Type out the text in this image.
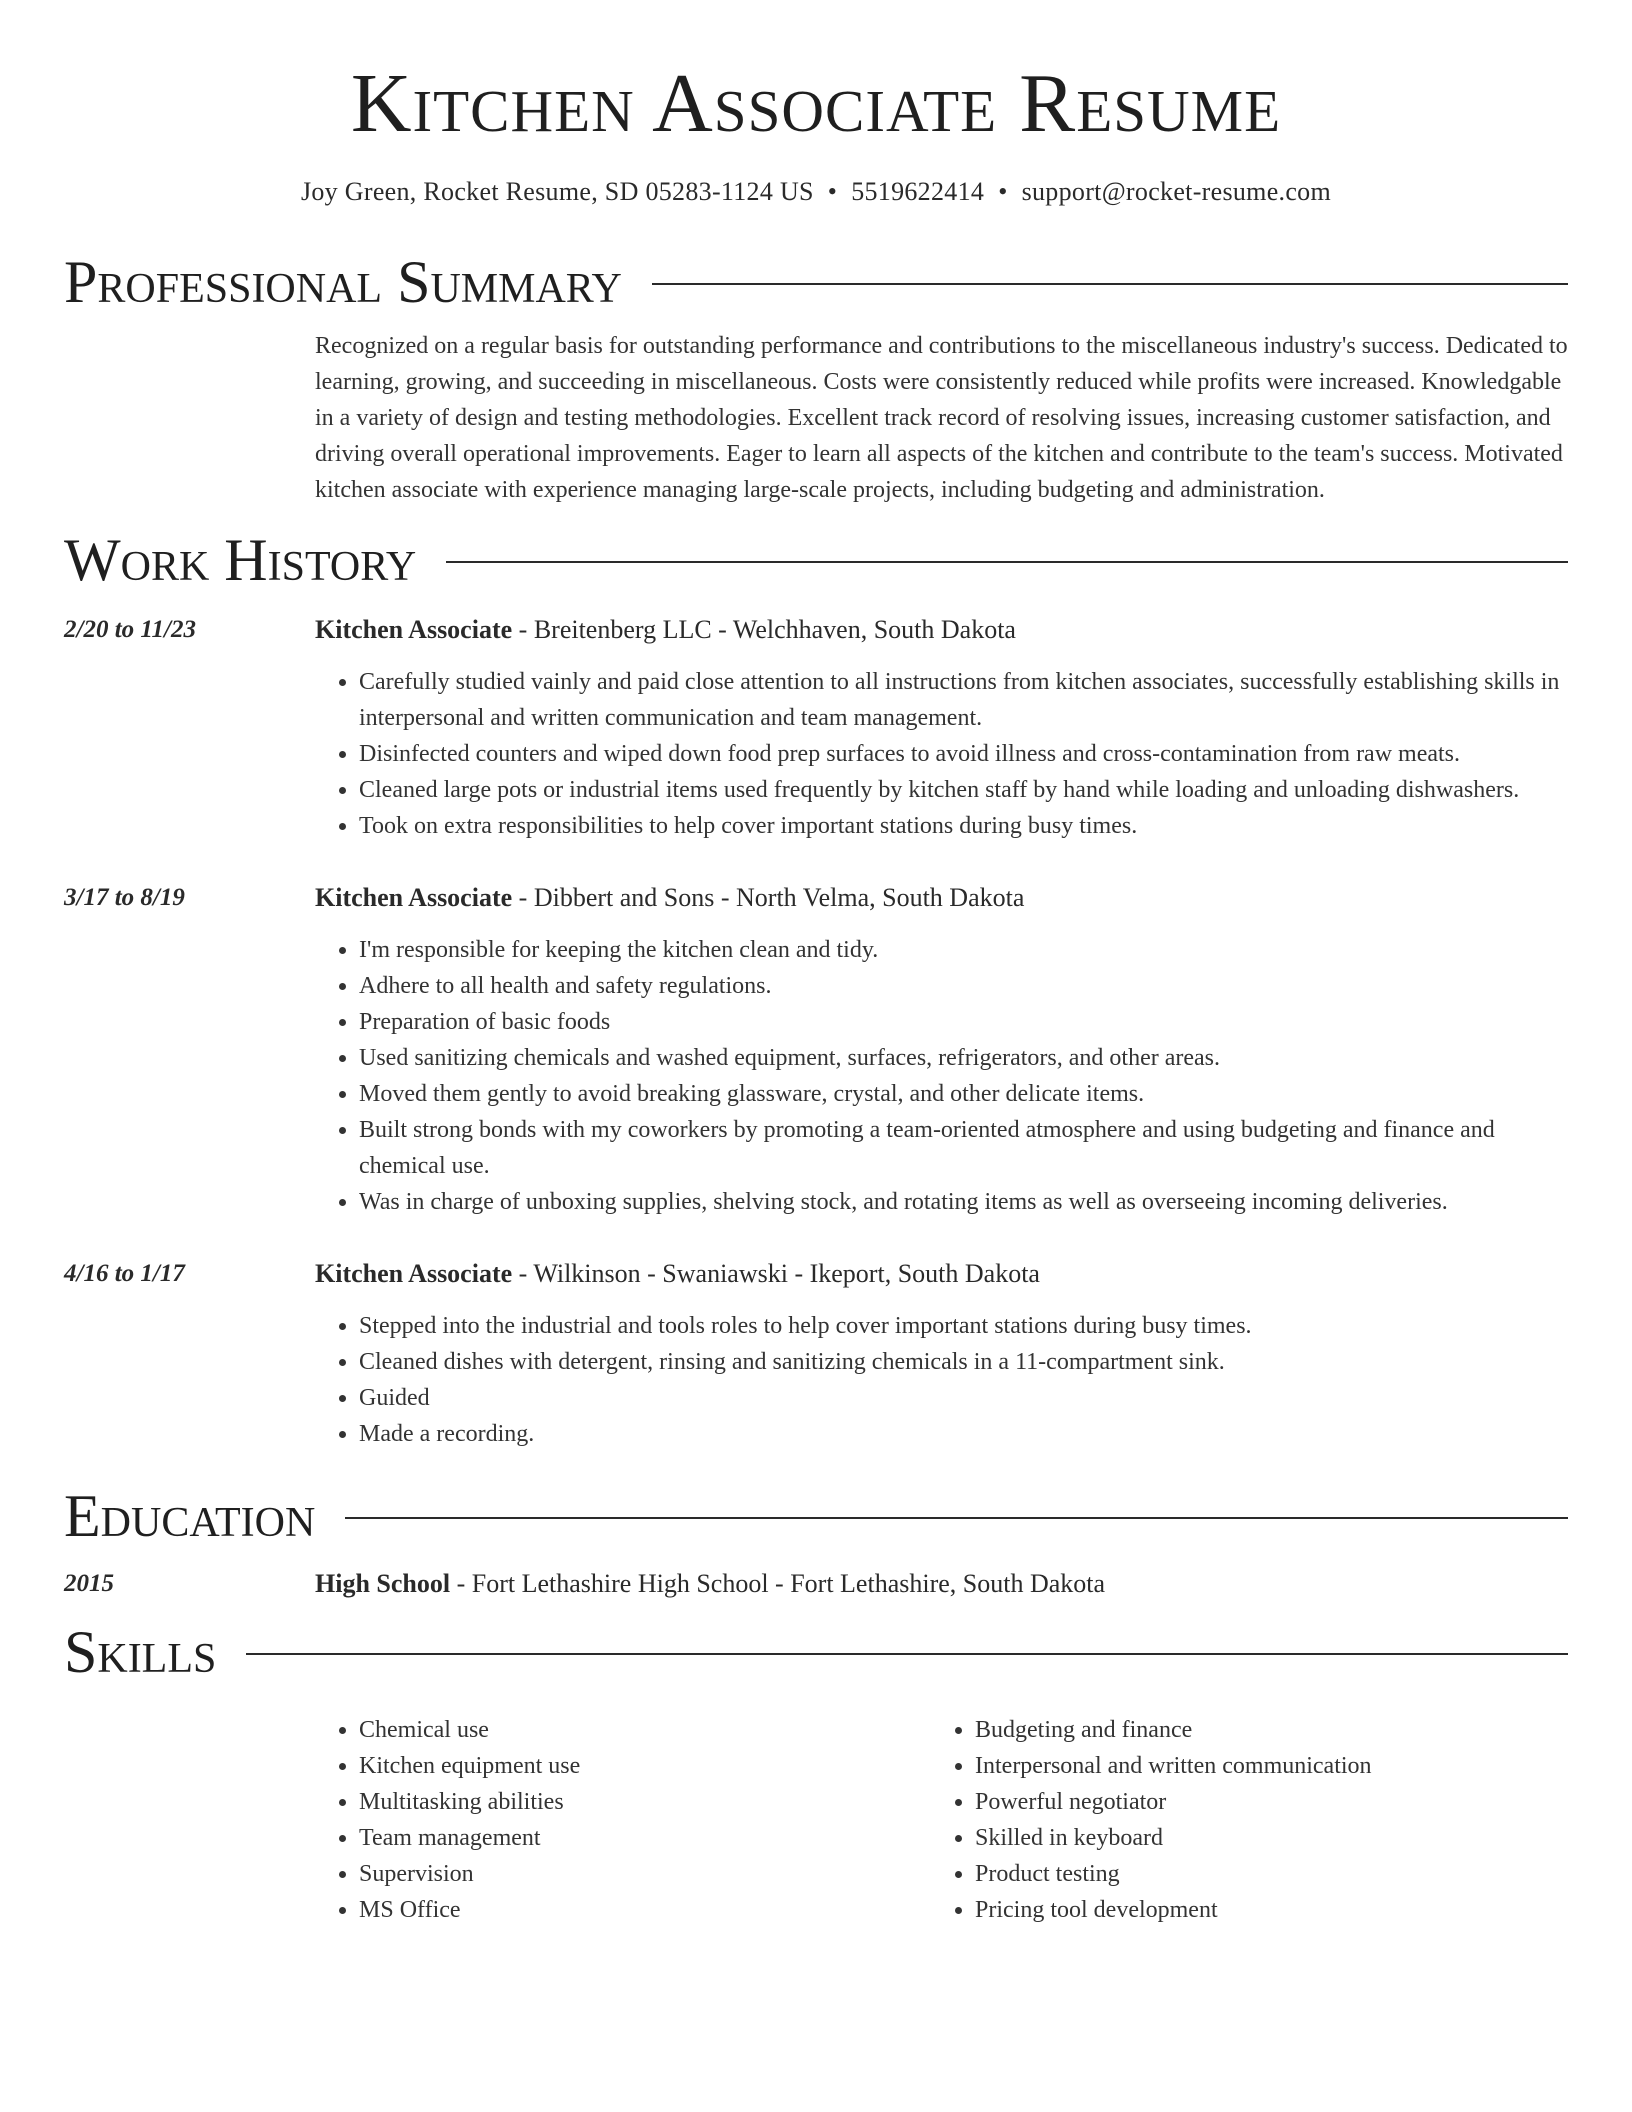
Kitchen Associate Resume
Joy Green, Rocket Resume, SD 05283-1124 US • 5519622414 • support@rocket-resume.com
Professional Summary
Recognized on a regular basis for outstanding performance and contributions to the miscellaneous industry's success. Dedicated to learning, growing, and succeeding in miscellaneous. Costs were consistently reduced while profits were increased. Knowledgable in a variety of design and testing methodologies. Excellent track record of resolving issues, increasing customer satisfaction, and driving overall operational improvements. Eager to learn all aspects of the kitchen and contribute to the team's success. Motivated kitchen associate with experience managing large-scale projects, including budgeting and administration.
Work History
2/20 to 11/23	Kitchen Associate - Breitenberg LLC - Welchhaven, South Dakota
• Carefully studied vainly and paid close attention to all instructions from kitchen associates, successfully establishing skills in interpersonal and written communication and team management.
• Disinfected counters and wiped down food prep surfaces to avoid illness and cross-contamination from raw meats.
• Cleaned large pots or industrial items used frequently by kitchen staff by hand while loading and unloading dishwashers.
• Took on extra responsibilities to help cover important stations during busy times.
3/17 to 8/19	Kitchen Associate - Dibbert and Sons - North Velma, South Dakota
• I'm responsible for keeping the kitchen clean and tidy.
• Adhere to all health and safety regulations.
• Preparation of basic foods
• Used sanitizing chemicals and washed equipment, surfaces, refrigerators, and other areas.
• Moved them gently to avoid breaking glassware, crystal, and other delicate items.
• Built strong bonds with my coworkers by promoting a team-oriented atmosphere and using budgeting and finance and chemical use.
• Was in charge of unboxing supplies, shelving stock, and rotating items as well as overseeing incoming deliveries.
4/16 to 1/17	Kitchen Associate - Wilkinson - Swaniawski - Ikeport, South Dakota
• Stepped into the industrial and tools roles to help cover important stations during busy times.
• Cleaned dishes with detergent, rinsing and sanitizing chemicals in a 11-compartment sink.
• Guided
• Made a recording.
Education
2015	High School - Fort Lethashire High School - Fort Lethashire, South Dakota
Skills
• Chemical use
• Kitchen equipment use
• Multitasking abilities
• Team management
• Supervision
• MS Office
• Budgeting and finance
• Interpersonal and written communication
• Powerful negotiator
• Skilled in keyboard
• Product testing
• Pricing tool development
